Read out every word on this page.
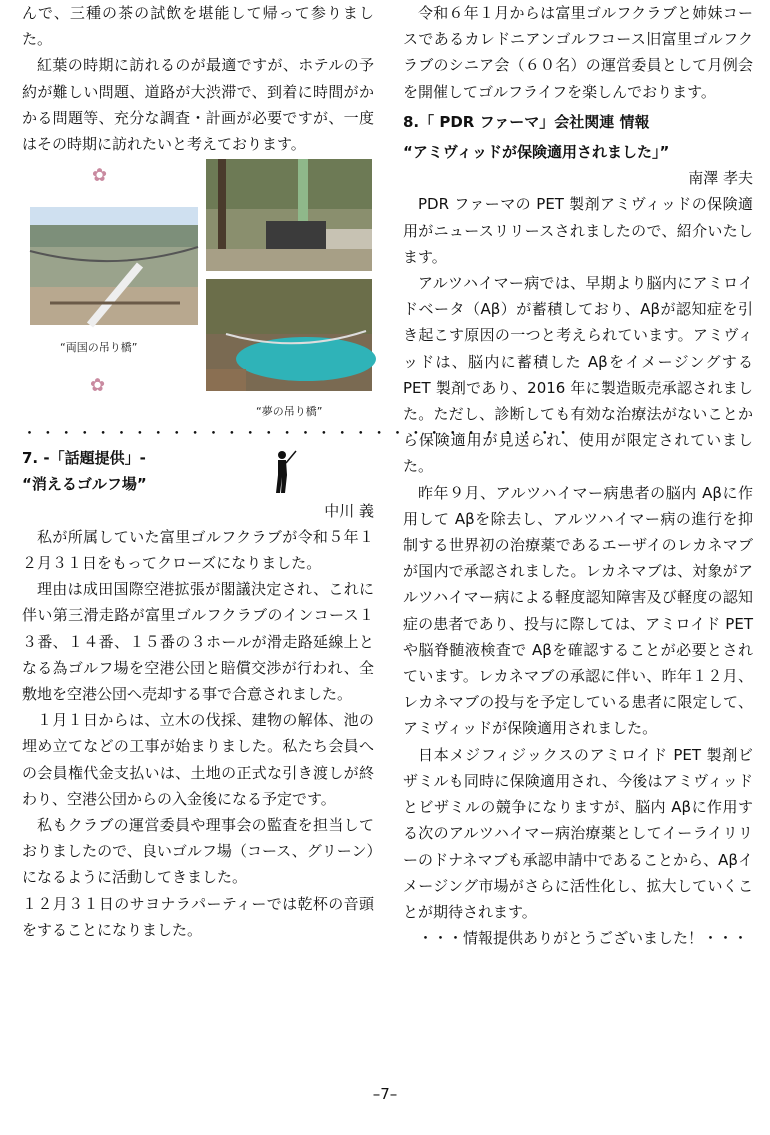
んで、三種の茶の試飲を堪能して帰って参りました。

紅葉の時期に訪れるのが最適ですが、ホテルの予約が難しい問題、道路が大渋滞で、到着に時間がかかる問題等、充分な調査・計画が必要ですが、一度はその時期に訪れたいと考えております。

✿
“両国の吊り橋”
✿
“夢の吊り橋”

・・・・・・・・・・・・・・・・・・・・・・・・・・・・・・

7. -「話題提供」-

“消えるゴルフ場”

中川 義

私が所属していた富里ゴルフクラブが令和５年１２月３１日をもってクローズになりました。

理由は成田国際空港拡張が閣議決定され、これに伴い第三滑走路が富里ゴルフクラブのインコース１３番、１４番、１５番の３ホールが滑走路延線上となる為ゴルフ場を空港公団と賠償交渉が行われ、全敷地を空港公団へ売却する事で合意されました。

１月１日からは、立木の伐採、建物の解体、池の埋め立てなどの工事が始まりました。私たち会員への会員権代金支払いは、土地の正式な引き渡しが終わり、空港公団からの入金後になる予定です。

私もクラブの運営委員や理事会の監査を担当しておりましたので、良いゴルフ場（コース、グリーン）になるように活動してきました。

１２月３１日のサヨナラパーティーでは乾杯の音頭をすることになりました。

令和６年１月からは富里ゴルフクラブと姉妹コースであるカレドニアンゴルフコース旧富里ゴルフクラブのシニア会（６０名）の運営委員として月例会を開催してゴルフライフを楽しんでおります。

8.「 PDR ファーマ」会社関連 情報

“アミヴィッドが保険適用されました」”

南澤 孝夫

PDR ファーマの PET 製剤アミヴィッドの保険適用がニュースリリースされましたので、紹介いたします。

アルツハイマー病では、早期より脳内にアミロイドベータ（Aβ）が蓄積しており、Aβが認知症を引き起こす原因の一つと考えられています。アミヴィッドは、脳内に蓄積した Aβをイメージングする PET 製剤であり、2016 年に製造販売承認されました。ただし、診断しても有効な治療法がないことから保険適用が見送られ、使用が限定されていました。

昨年９月、アルツハイマー病患者の脳内 Aβに作用して Aβを除去し、アルツハイマー病の進行を抑制する世界初の治療薬であるエーザイのレカネマブが国内で承認されました。レカネマブは、対象がアルツハイマー病による軽度認知障害及び軽度の認知症の患者であり、投与に際しては、アミロイド PET や脳脊髄液検査で Aβを確認することが必要とされています。レカネマブの承認に伴い、昨年１２月、レカネマブの投与を予定している患者に限定して、アミヴィッドが保険適用されました。

日本メジフィジックスのアミロイド PET 製剤ビザミルも同時に保険適用され、今後はアミヴィッドとビザミルの競争になりますが、脳内 Aβに作用する次のアルツハイマー病治療薬としてイーライリリーのドナネマブも承認申請中であることから、Aβイメージング市場がさらに活性化し、拡大していくことが期待されます。

・・・情報提供ありがとうございました！・・・

–7–
